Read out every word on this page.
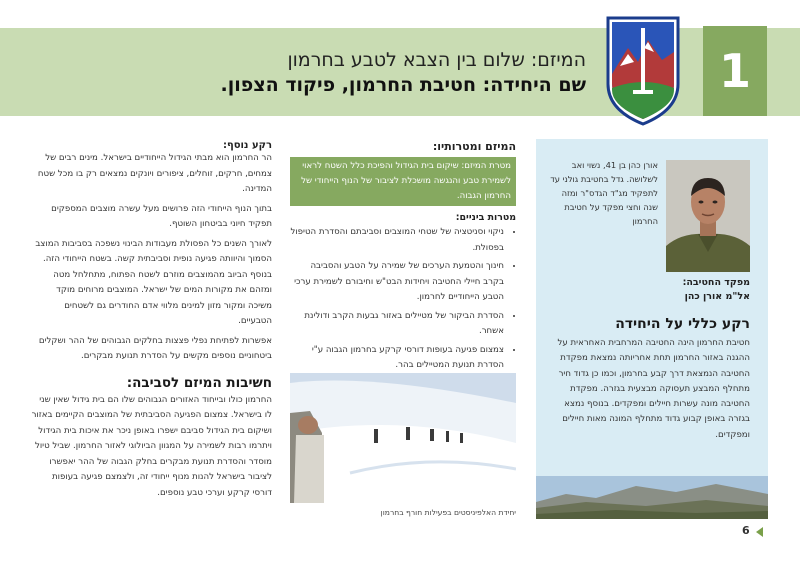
1
המיזם: שלום בין הצבא לטבע בחרמון
שם היחידה: חטיבת החרמון, פיקוד הצפון.
אורן כהן בן 41, נשוי ואב לשלושה. גדל בחטיבת גולני עד לתפקיד מג"ד הגדס"ר ומזה שנה וחצי מפקד על חטיבת החרמון
מפקד החטיבה:
אל"מ אורן כהן
רקע כללי על היחידה
חטיבת החרמון הינה החטיבה המרחבית האחראית על ההגנה באזור החרמון תחת אחריותה נמצאת מפקדת החטיבה הנמצאת דרך קבע בחרמון, וכמו כן גדוד חיר מתחלף המבצע תעסוקה מבצעית בגזרה. מפקדת החטיבה מונה עשרות חיילים ומפקדים. בנוסף נמצא בגזרה באופן קבוע גדוד מתחלף המונה מאות חיילים ומפקדים.
המיזם ומטרותיו:
מטרת המיזם: שיקום בית הגידול והפיכת כלל השטח לראוי לשמירת טבע והנגשה מושכלת לציבור של הנוף הייחודי של החרמון הגבוה.
מטרות ביניים:
• ניקוי וסניטציה של שטחי המוצבים וסביבתם והסדרת הטיפול בפסולת.
• חינוך והטמעת הערכים של שמירה על הטבע והסביבה בקרב חיילי החטיבה ויחידות הבט"ש וחיבורם לשמירת ערכי הטבע הייחודיים לחרמון.
• הסדרת הביקור של מטיילים באזור גבעות הקרב ודולינת אשחר.
• צמצום פגיעה בעופות דורסי קרקע בחרמון הגבוה ע"י הסדרת תנועת המטיילים בהר.
יחידת האלפיניסטים בפעילות חורף בחרמון
רקע נוסף:

הר החרמון הוא מבתי הגידול הייחודיים בישראל. מינים רבים של צמחים, חרקים, זוחלים, ציפורים ויונקים נמצאים רק בו מכל שטח המדינה.

בתוך הנוף הייחודי הזה פרושים מעל עשרה מוצבים המספקים תפקיד חיוני בביטחון השוטף.

לאורך השנים כל הפסולת מעבודות הבינוי נשפכה בסביבות המוצב הסמוך והיוותה פגיעה נופית וסביבתית קשה. בשטח הייחודי הזה. בנוסף הביוב מהמוצבים מוזרם לשטח הפתוח, מתחלחל מטה ומזהם את מקורות המים של ישראל. המוצבים מרוחים מוקד משיכה ומקור מזון למינים מלווי אדם החודרים גם לשטחים הטבעיים.

אפשרות לפתיחת נפלי פצצות בחלקים הגבוהים של ההר ושקלים ביטחוניים נוספים מקשים על הסדרת תנועת מבקרים.

חשיבות המיזם לסביבה:

החרמון כולו ובייחוד האזורים הגבוהים שלו הם בית גידול שאין שני לו בישראל. צמצום הפגיעה הסביבתית של המוצבים הקיימים באזור ושיקום בית הגידול סביבם ישפרו באופן ניכר את איכות בית הגידול ויתרמו רבות לשמירה על המגוון הביולוגי לאזור החרמון. שביל טיול מוסדר והסדרת תנועת מבקרים בחלק הגבוה של ההר יאפשרו לציבור בישראל להנות מנוף ייחודי זה, ולצמצם פגיעה בעופות דורסי קרקע וערכי טבע נוספים.

6
